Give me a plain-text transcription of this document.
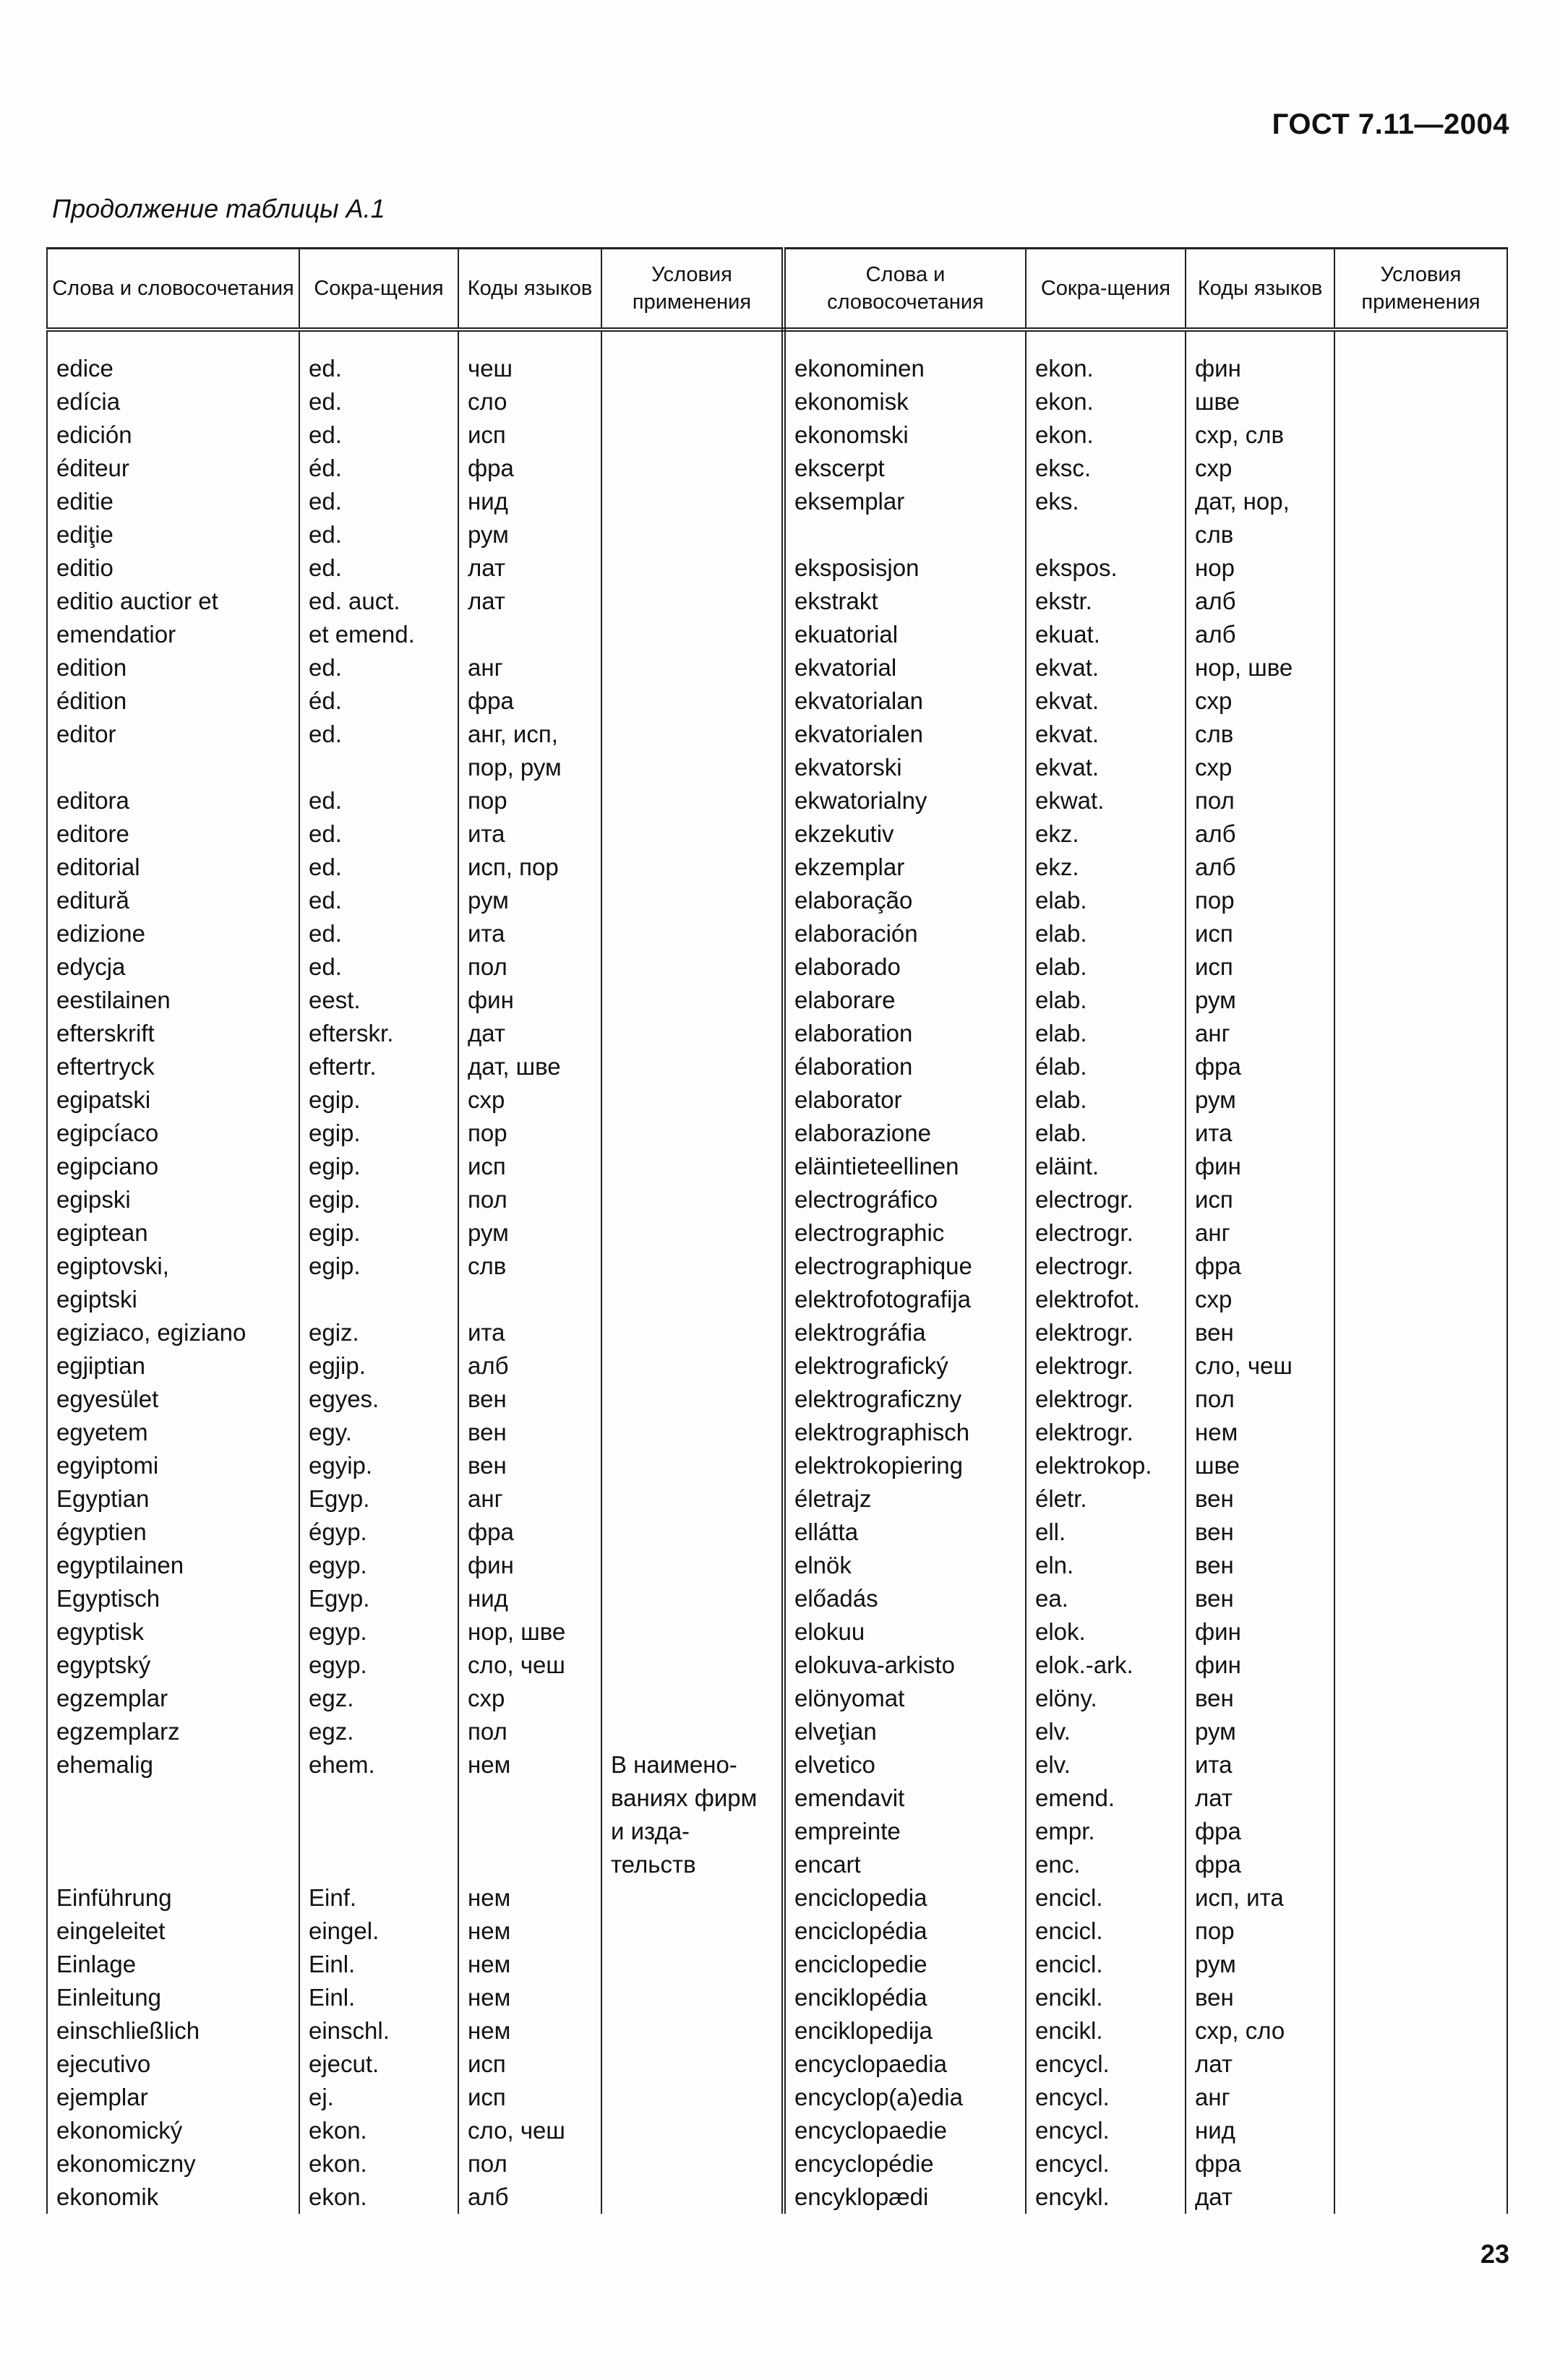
ГОСТ 7.11—2004
Продолжение таблицы А.1
Слова и словосочетания	Сокра-щения	Коды языков	Условия применения	Слова и словосочетания	Сокра-щения	Коды языков	Условия применения

edice	ed.	чеш		ekonominen	ekon.	фин	
edícia	ed.	сло		ekonomisk	ekon.	шве	
edición	ed.	исп		ekonomski	ekon.	схр, слв	
éditeur	éd.	фра		ekscerpt	eksc.	схр	
editie	ed.	нид		eksemplar	eks.	дат, нор,	
ediţie	ed.	рум				слв	
editio	ed.	лат		eksposisjon	ekspos.	нор	
editio auctior et	ed. auct.	лат		ekstrakt	ekstr.	алб	
emendatior	et emend.			ekuatorial	ekuat.	алб	
edition	ed.	анг		ekvatorial	ekvat.	нор, шве	
édition	éd.	фра		ekvatorialan	ekvat.	схр	
editor	ed.	анг, исп,		ekvatorialen	ekvat.	слв	
		пор, рум		ekvatorski	ekvat.	схр	
editora	ed.	пор		ekwatorialny	ekwat.	пол	
editore	ed.	ита		ekzekutiv	ekz.	алб	
editorial	ed.	исп, пор		ekzemplar	ekz.	алб	
editură	ed.	рум		elaboração	elab.	пор	
edizione	ed.	ита		elaboración	elab.	исп	
edycja	ed.	пол		elaborado	elab.	исп	
eestilainen	eest.	фин		elaborare	elab.	рум	
efterskrift	efterskr.	дат		elaboration	elab.	анг	
eftertryck	eftertr.	дат, шве		élaboration	élab.	фра	
egipatski	egip.	схр		elaborator	elab.	рум	
egipcíaco	egip.	пор		elaborazione	elab.	ита	
egipciano	egip.	исп		eläintieteellinen	eläint.	фин	
egipski	egip.	пол		electrográfico	electrogr.	исп	
egiptean	egip.	рум		electrographic	electrogr.	анг	
egiptovski,	egip.	слв		electrographique	electrogr.	фра	
egiptski				elektrofotografija	elektrofot.	схр	
egiziaco, egiziano	egiz.	ита		elektrográfia	elektrogr.	вен	
egjiptian	egjip.	алб		elektrografický	elektrogr.	сло, чеш	
egyesület	egyes.	вен		elektrograficzny	elektrogr.	пол	
egyetem	egy.	вен		elektrographisch	elektrogr.	нем	
egyiptomi	egyip.	вен		elektrokopiering	elektrokop.	шве	
Egyptian	Egyp.	анг		életrajz	életr.	вен	
égyptien	égyp.	фра		ellátta	ell.	вен	
egyptilainen	egyp.	фин		elnök	eln.	вен	
Egyptisch	Egyp.	нид		előadás	ea.	вен	
egyptisk	egyp.	нор, шве		elokuu	elok.	фин	
egyptský	egyp.	сло, чеш		elokuva-arkisto	elok.-ark.	фин	
egzemplar	egz.	схр		elönyomat	elöny.	вен	
egzemplarz	egz.	пол		elveţian	elv.	рум	
ehemalig	ehem.	нем	В наимено-	elvetico	elv.	ита	
			ваниях фирм	emendavit	emend.	лат	
			и изда-	empreinte	empr.	фра	
			тельств	encart	enc.	фра	
Einführung	Einf.	нем		enciclopedia	encicl.	исп, ита	
eingeleitet	eingel.	нем		enciclopédia	encicl.	пор	
Einlage	Einl.	нем		enciclopedie	encicl.	рум	
Einleitung	Einl.	нем		enciklopédia	encikl.	вен	
einschließlich	einschl.	нем		enciklopedija	encikl.	схр, сло	
ejecutivo	ejecut.	исп		encyclopaedia	encycl.	лат	
ejemplar	ej.	исп		encyclop(a)edia	encycl.	анг	
ekonomický	ekon.	сло, чеш		encyclopaedie	encycl.	нид	
ekonomiczny	ekon.	пол		encyclopédie	encycl.	фра	
ekonomik	ekon.	алб		encyklopædi	encykl.	дат	
23
